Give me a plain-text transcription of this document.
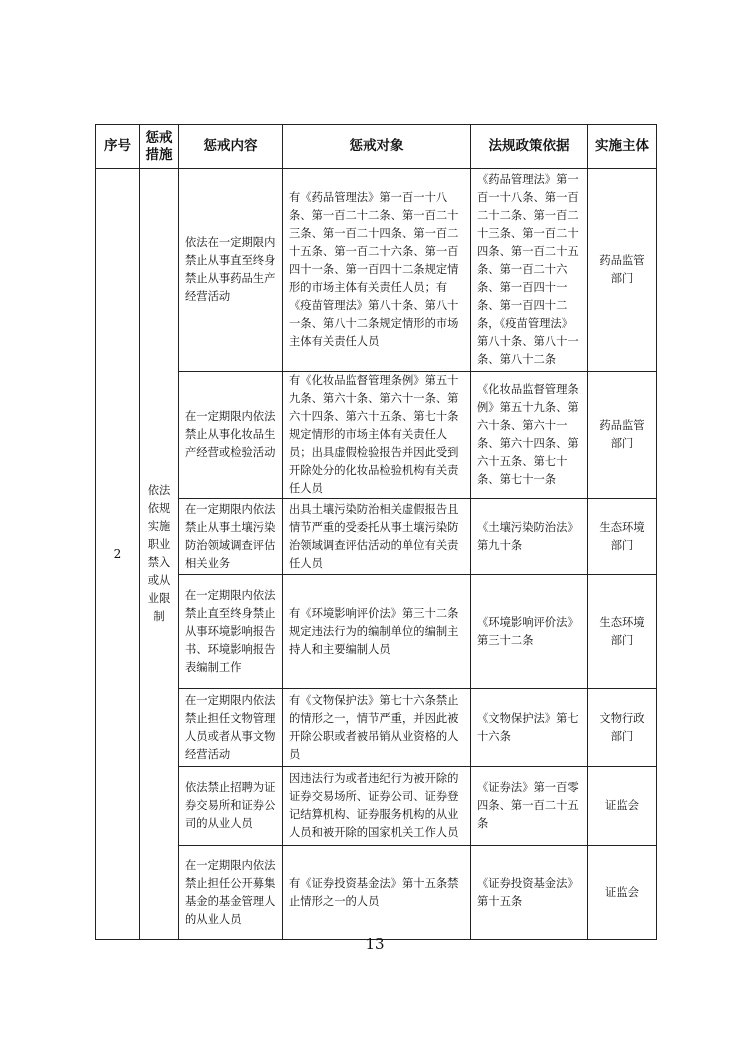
序号	惩戒措施	惩戒内容	惩戒对象	法规政策依据	实施主体
2	依法依规实施职业禁入或从业限制	依法在一定期限内禁止从事直至终身禁止从事药品生产经营活动	有《药品管理法》第一百一十八条、第一百二十二条、第一百二十三条、第一百二十四条、第一百二十五条、第一百二十六条、第一百四十一条、第一百四十二条规定情形的市场主体有关责任人员；有《疫苗管理法》第八十条、第八十一条、第八十二条规定情形的市场主体有关责任人员	《药品管理法》第一百一十八条、第一百二十二条、第一百二十三条、第一百二十四条、第一百二十五条、第一百二十六条、第一百四十一条、第一百四十二条，《疫苗管理法》第八十条、第八十一条、第八十二条	药品监管部门
		在一定期限内依法禁止从事化妆品生产经营或检验活动	有《化妆品监督管理条例》第五十九条、第六十条、第六十一条、第六十四条、第六十五条、第七十条规定情形的市场主体有关责任人员；出具虚假检验报告并因此受到开除处分的化妆品检验机构有关责任人员	《化妆品监督管理条例》第五十九条、第六十条、第六十一条、第六十四条、第六十五条、第七十条、第七十一条	药品监管部门
		在一定期限内依法禁止从事土壤污染防治领域调查评估相关业务	出具土壤污染防治相关虚假报告且情节严重的受委托从事土壤污染防治领域调查评估活动的单位有关责任人员	《土壤污染防治法》第九十条	生态环境部门
		在一定期限内依法禁止直至终身禁止从事环境影响报告书、环境影响报告表编制工作	有《环境影响评价法》第三十二条规定违法行为的编制单位的编制主持人和主要编制人员	《环境影响评价法》第三十二条	生态环境部门
		在一定期限内依法禁止担任文物管理人员或者从事文物经营活动	有《文物保护法》第七十六条禁止的情形之一，情节严重，并因此被开除公职或者被吊销从业资格的人员	《文物保护法》第七十六条	文物行政部门
		依法禁止招聘为证券交易所和证券公司的从业人员	因违法行为或者违纪行为被开除的证券交易场所、证券公司、证券登记结算机构、证券服务机构的从业人员和被开除的国家机关工作人员	《证券法》第一百零四条、第一百二十五条	证监会
		在一定期限内依法禁止担任公开募集基金的基金管理人的从业人员	有《证券投资基金法》第十五条禁止情形之一的人员	《证券投资基金法》第十五条	证监会
13
